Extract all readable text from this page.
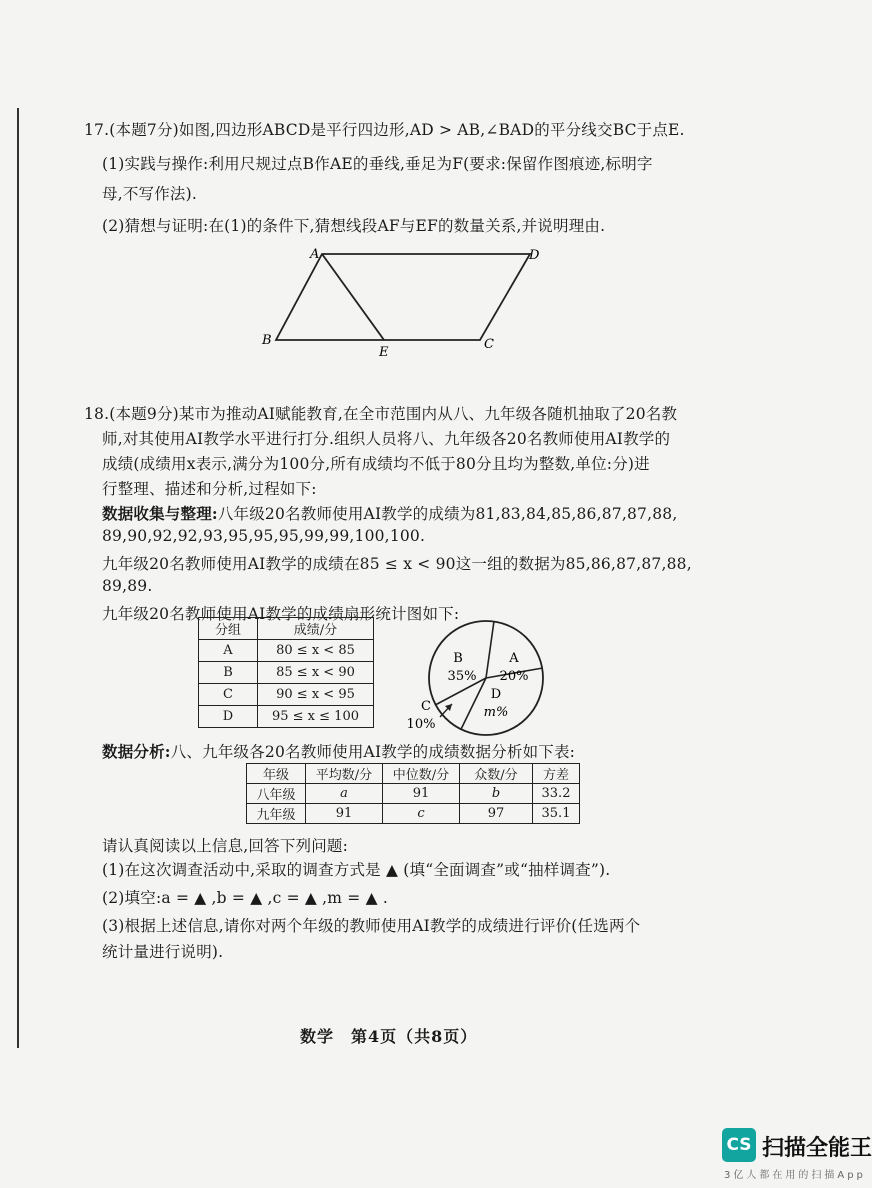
17.(本题7分)如图,四边形ABCD是平行四边形,AD > AB,∠BAD的平分线交BC于点E.
(1)实践与操作:利用尺规过点B作AE的垂线,垂足为F(要求:保留作图痕迹,标明字
母,不写作法).
(2)猜想与证明:在(1)的条件下,猜想线段AF与EF的数量关系,并说明理由.
A	D
B
E
C
18.(本题9分)某市为推动AI赋能教育,在全市范围内从八、九年级各随机抽取了20名教
师,对其使用AI教学水平进行打分.组织人员将八、九年级各20名教师使用AI教学的
成绩(成绩用x表示,满分为100分,所有成绩均不低于80分且均为整数,单位:分)进
行整理、描述和分析,过程如下:
数据收集与整理:八年级20名教师使用AI教学的成绩为81,83,84,85,86,87,87,88,
89,90,92,92,93,95,95,95,99,99,100,100.
九年级20名教师使用AI教学的成绩在85 ≤ x < 90这一组的数据为85,86,87,87,88,
89,89.
九年级20名教师使用AI教学的成绩扇形统计图如下:
分组	成绩/分
A	80 ≤ x < 85
B	85 ≤ x < 90
C	90 ≤ x < 95
D	95 ≤ x ≤ 100
B
35%
A
20%
D
m%
C
10%
数据分析:八、九年级各20名教师使用AI教学的成绩数据分析如下表:
年级	平均数/分	中位数/分	众数/分	方差
八年级	a	91	b	33.2
九年级	91	c	97	35.1
请认真阅读以上信息,回答下列问题:
(1)在这次调查活动中,采取的调查方式是 ▲ (填“全面调查”或“抽样调查”).
(2)填空:a = ▲ ,b = ▲ ,c = ▲ ,m = ▲ .
(3)根据上述信息,请你对两个年级的教师使用AI教学的成绩进行评价(任选两个
统计量进行说明).
数学　第4页（共8页）
CS 扫描全能王
3亿人都在用的扫描App
